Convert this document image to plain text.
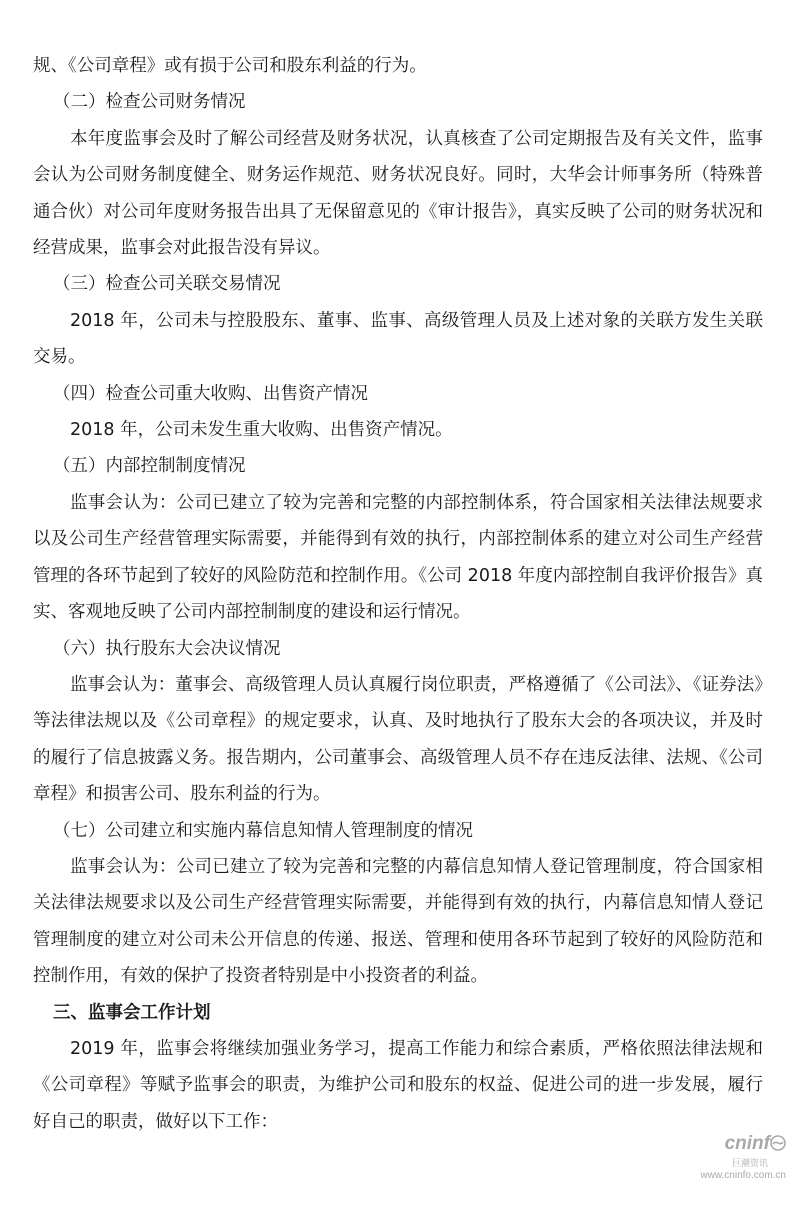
规、《公司章程》或有损于公司和股东利益的行为。

（二）检查公司财务情况

本年度监事会及时了解公司经营及财务状况，认真核查了公司定期报告及有关文件，监事会认为公司财务制度健全、财务运作规范、财务状况良好。同时，大华会计师事务所（特殊普通合伙）对公司年度财务报告出具了无保留意见的《审计报告》，真实反映了公司的财务状况和经营成果，监事会对此报告没有异议。

（三）检查公司关联交易情况

2018 年，公司未与控股股东、董事、监事、高级管理人员及上述对象的关联方发生关联交易。

（四）检查公司重大收购、出售资产情况

2018 年，公司未发生重大收购、出售资产情况。

（五）内部控制制度情况

监事会认为：公司已建立了较为完善和完整的内部控制体系，符合国家相关法律法规要求以及公司生产经营管理实际需要，并能得到有效的执行，内部控制体系的建立对公司生产经营管理的各环节起到了较好的风险防范和控制作用。《公司 2018 年度内部控制自我评价报告》真实、客观地反映了公司内部控制制度的建设和运行情况。

（六）执行股东大会决议情况

监事会认为：董事会、高级管理人员认真履行岗位职责，严格遵循了《公司法》、《证券法》等法律法规以及《公司章程》的规定要求，认真、及时地执行了股东大会的各项决议，并及时的履行了信息披露义务。报告期内，公司董事会、高级管理人员不存在违反法律、法规、《公司章程》和损害公司、股东利益的行为。

（七）公司建立和实施内幕信息知情人管理制度的情况

监事会认为：公司已建立了较为完善和完整的内幕信息知情人登记管理制度，符合国家相关法律法规要求以及公司生产经营管理实际需要，并能得到有效的执行，内幕信息知情人登记管理制度的建立对公司未公开信息的传递、报送、管理和使用各环节起到了较好的风险防范和控制作用，有效的保护了投资者特别是中小投资者的利益。

三、监事会工作计划

2019 年，监事会将继续加强业务学习，提高工作能力和综合素质，严格依照法律法规和《公司章程》等赋予监事会的职责，为维护公司和股东的权益、促进公司的进一步发展，履行好自己的职责，做好以下工作：

cninf
巨潮资讯
www.cninfo.com.cn
